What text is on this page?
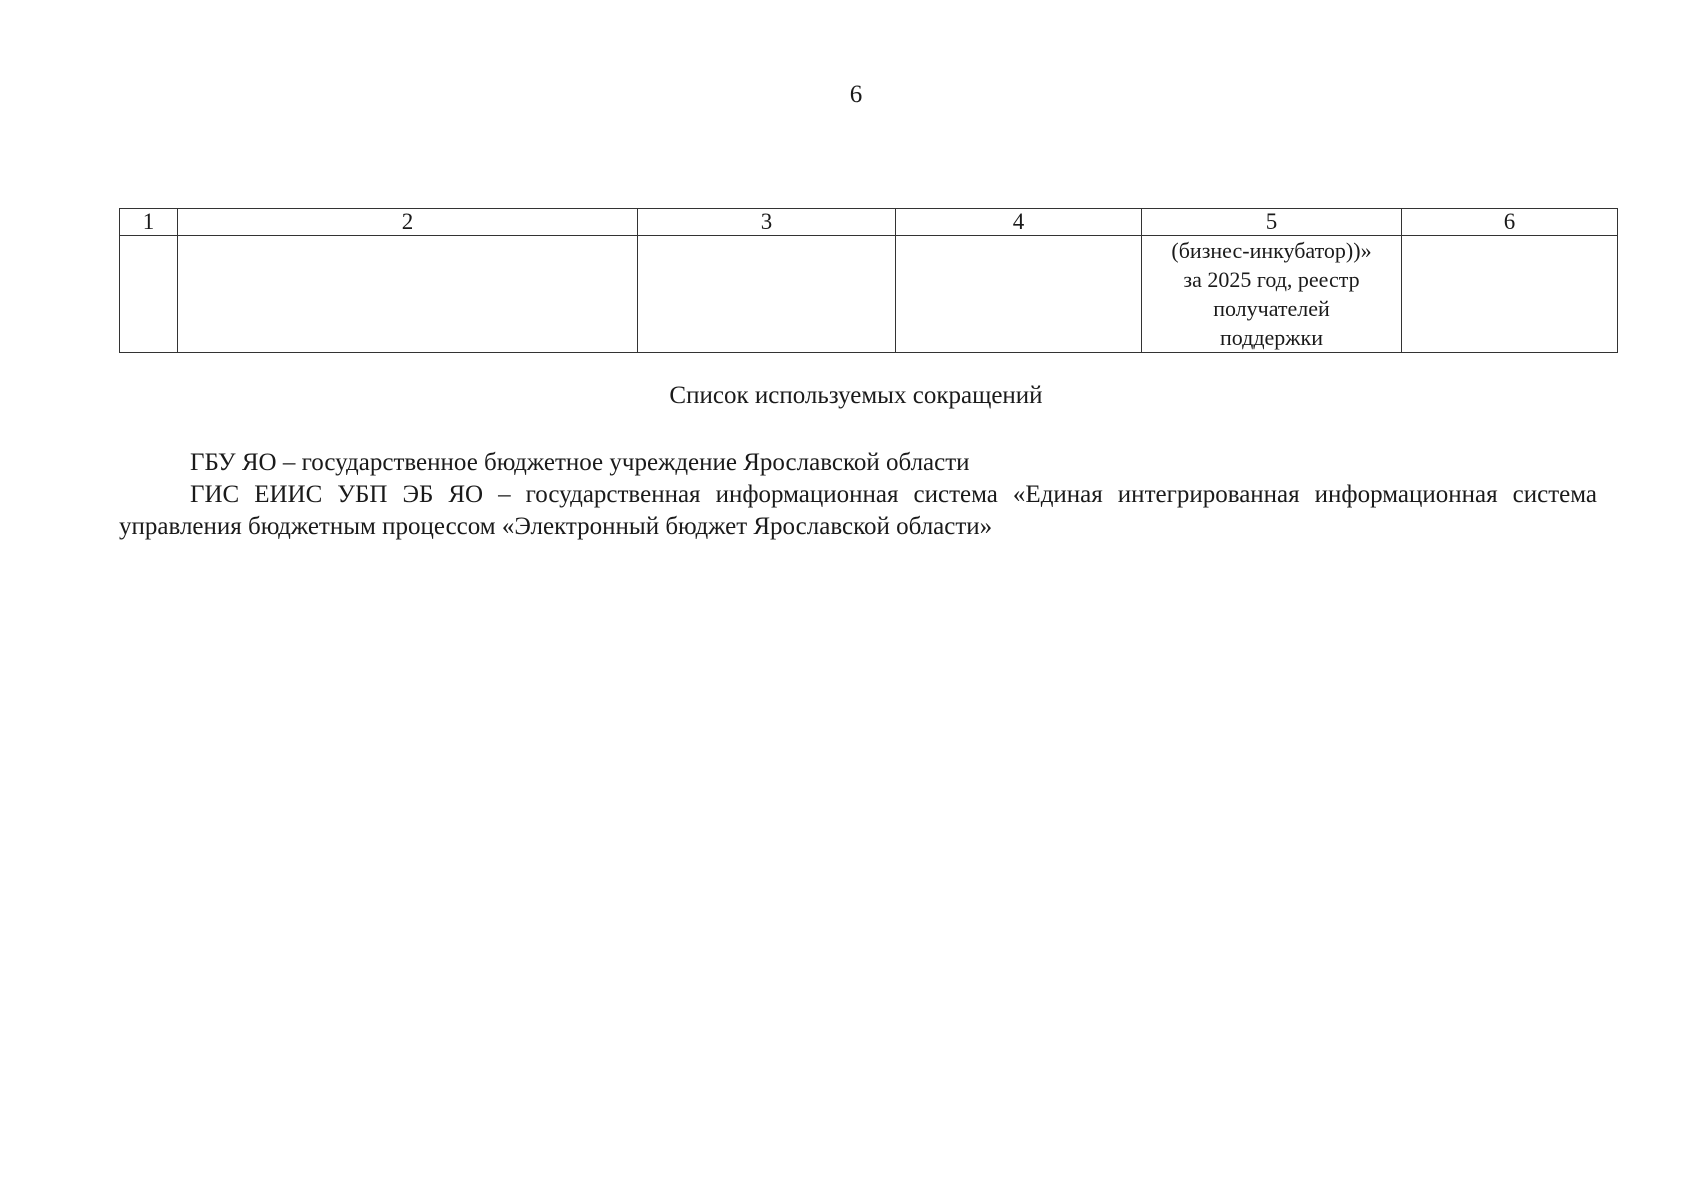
6
1	2	3	4	5	6

				(бизнес-инкубатор))»
за 2025 год, реестр
получателей
поддержки	

Список используемых сокращений

ГБУ ЯО – государственное бюджетное учреждение Ярославской области

ГИС ЕИИС УБП ЭБ ЯО – государственная информационная система «Единая интегрированная информационная система управления бюджетным процессом «Электронный бюджет Ярославской области»
